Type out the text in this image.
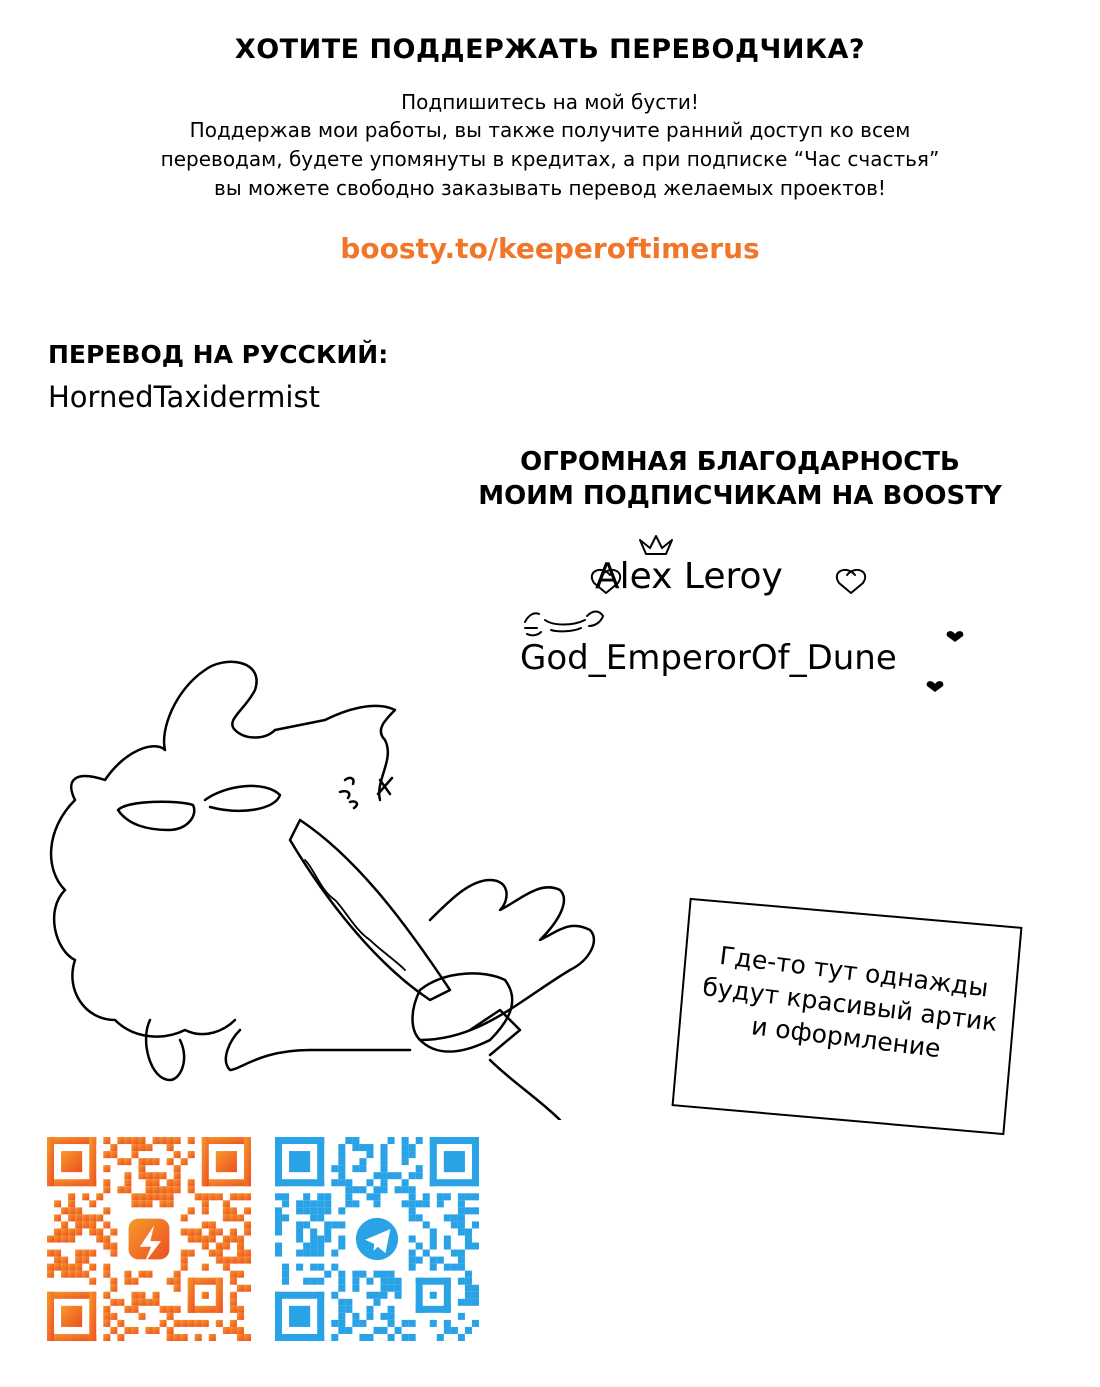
ХОТИТЕ ПОДДЕРЖАТЬ ПЕРЕВОДЧИКА?
Подпишитесь на мой бусти!
Поддержав мои работы, вы также получите ранний доступ ко всем
переводам, будете упомянуты в кредитах, а при подписке “Час счастья”
вы можете свободно заказывать перевод желаемых проектов!
boosty.to/keeperoftimerus
ПЕРЕВОД НА РУССКИЙ:
HornedTaxidermist
ОГРОМНАЯ БЛАГОДАРНОСТЬ
МОИМ ПОДПИСЧИКАМ НА BOOSTY
Alex Leroy
God_EmperorOf_Dune
Где-то тут однажды
будут красивый артик
и оформление
